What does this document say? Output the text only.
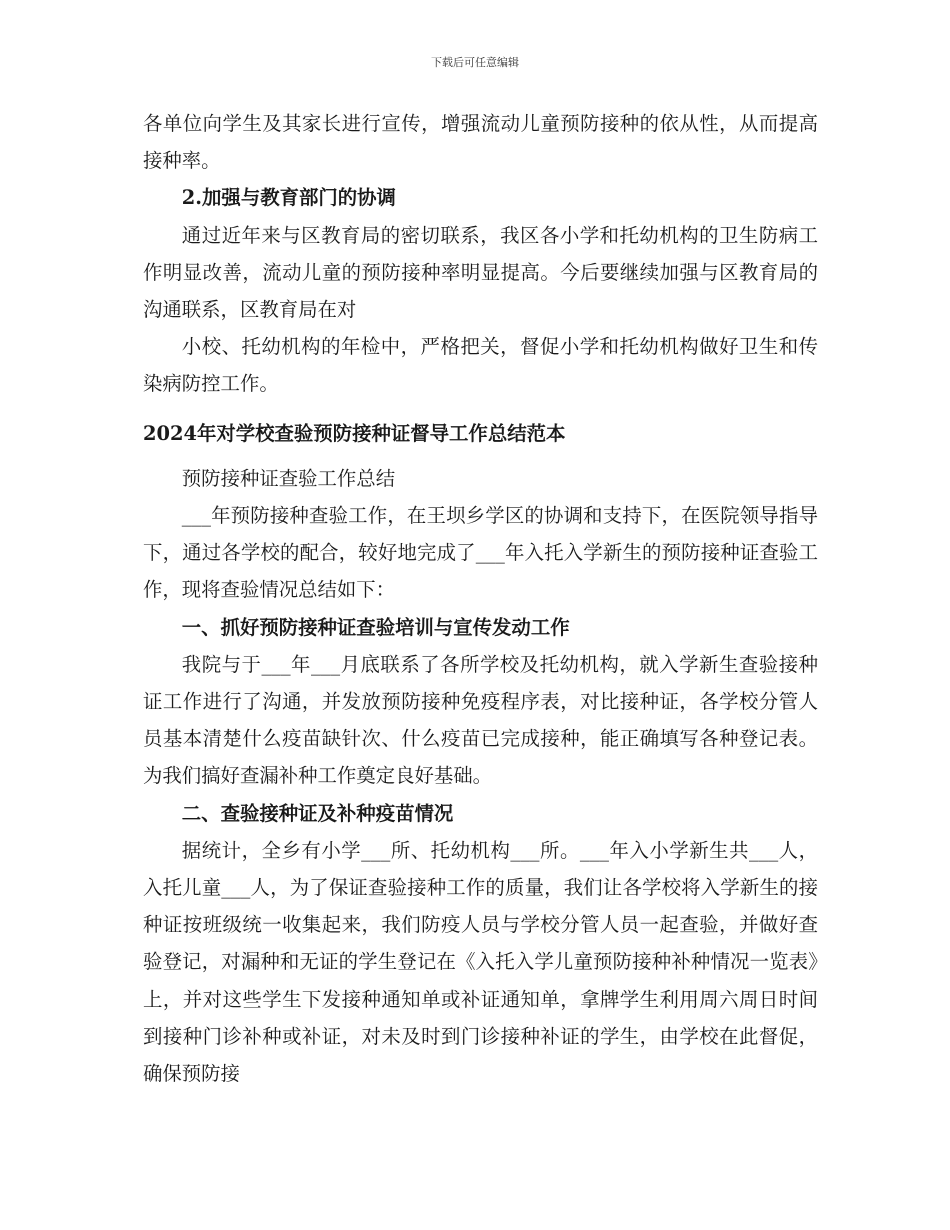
下载后可任意编辑

各单位向学生及其家长进行宣传，增强流动儿童预防接种的依从性，从而提高接种率。

2.加强与教育部门的协调

通过近年来与区教育局的密切联系，我区各小学和托幼机构的卫生防病工作明显改善，流动儿童的预防接种率明显提高。今后要继续加强与区教育局的沟通联系，区教育局在对

小校、托幼机构的年检中，严格把关，督促小学和托幼机构做好卫生和传染病防控工作。

2024年对学校查验预防接种证督导工作总结范本

预防接种证查验工作总结

___年预防接种查验工作，在王坝乡学区的协调和支持下，在医院领导指导下，通过各学校的配合，较好地完成了___年入托入学新生的预防接种证查验工作，现将查验情况总结如下：

一、抓好预防接种证查验培训与宣传发动工作

我院与于___年___月底联系了各所学校及托幼机构，就入学新生查验接种证工作进行了沟通，并发放预防接种免疫程序表，对比接种证，各学校分管人员基本清楚什么疫苗缺针次、什么疫苗已完成接种，能正确填写各种登记表。为我们搞好查漏补种工作奠定良好基础。

二、查验接种证及补种疫苗情况

据统计，全乡有小学___所、托幼机构___所。___年入小学新生共___人，入托儿童___人，为了保证查验接种工作的质量，我们让各学校将入学新生的接种证按班级统一收集起来，我们防疫人员与学校分管人员一起查验，并做好查验登记，对漏种和无证的学生登记在《入托入学儿童预防接种补种情况一览表》上，并对这些学生下发接种通知单或补证通知单，拿牌学生利用周六周日时间到接种门诊补种或补证，对未及时到门诊接种补证的学生，由学校在此督促，确保预防接
